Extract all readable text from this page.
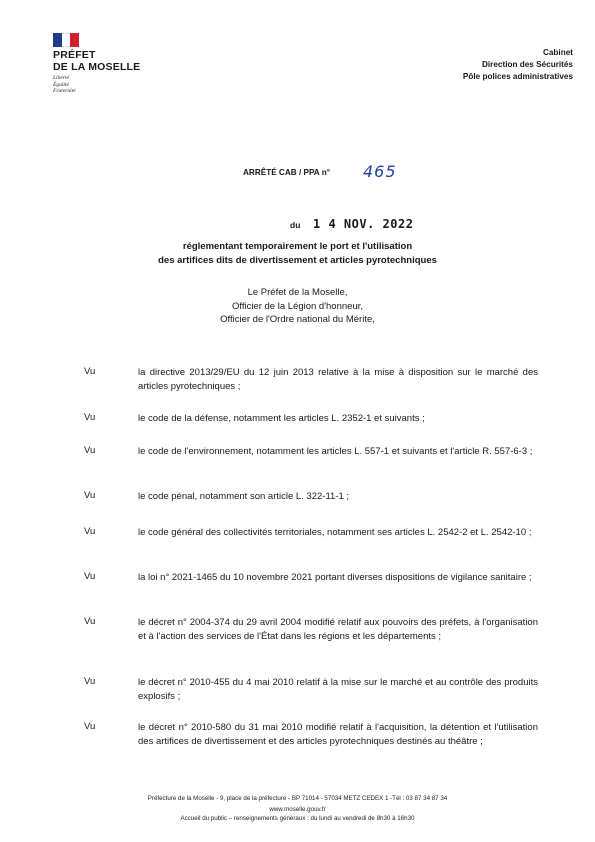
PRÉFET
DE LA MOSELLE
Liberté
Égalité
Fraternité
Cabinet
Direction des Sécurités
Pôle polices administratives
ARRÊTÉ CAB / PPA n° 465
du 1 4 NOV. 2022
réglementant temporairement le port et l'utilisation
des artifices dits de divertissement et articles pyrotechniques
Le Préfet de la Moselle,
Officier de la Légion d'honneur,
Officier de l'Ordre national du Mérite,
Vu	la directive 2013/29/EU du 12 juin 2013 relative à la mise à disposition sur le marché des articles pyrotechniques ;
Vu	le code de la défense, notamment les articles L. 2352-1 et suivants ;
Vu	le code de l'environnement, notamment les articles L. 557-1 et suivants et l'article R. 557-6-3 ;
Vu	le code pénal, notamment son article L. 322-11-1 ;
Vu	le code général des collectivités territoriales, notamment ses articles L. 2542-2 et L. 2542-10 ;
Vu	la loi n° 2021-1465 du 10 novembre 2021 portant diverses dispositions de vigilance sanitaire ;
Vu	le décret n° 2004-374 du 29 avril 2004 modifié relatif aux pouvoirs des préfets, à l'organisation et à l'action des services de l'État dans les régions et les départements ;
Vu	le décret n° 2010-455 du 4 mai 2010 relatif à la mise sur le marché et au contrôle des produits explosifs ;
Vu	le décret n° 2010-580 du 31 mai 2010 modifié relatif à l'acquisition, la détention et l'utilisation des artifices de divertissement et des articles pyrotechniques destinés au théâtre ;
Préfecture de la Moselle - 9, place de la préfecture - BP 71014 - 57034 METZ CEDEX 1 -Tél : 03 87 34 87 34
www.moselle.gouv.fr
Accueil du public – renseignements généraux : du lundi au vendredi de 8h30 à 16h30
